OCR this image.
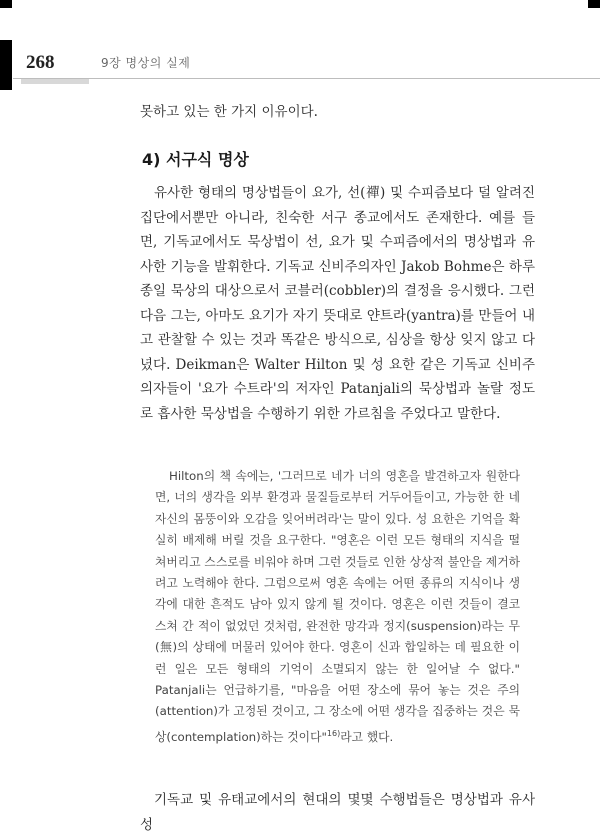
268	9장 명상의 실제
못하고 있는 한 가지 이유이다.
4) 서구식 명상
유사한 형태의 명상법들이 요가, 선(禪) 및 수피즘보다 덜 알려진 집단에서뿐만 아니라, 친숙한 서구 종교에서도 존재한다. 예를 들면, 기독교에서도 묵상법이 선, 요가 및 수피즘에서의 명상법과 유사한 기능을 발휘한다. 기독교 신비주의자인 Jakob Bohme은 하루종일 묵상의 대상으로서 코블러(cobbler)의 결정을 응시했다. 그런 다음 그는, 아마도 요기가 자기 뜻대로 얀트라(yantra)를 만들어 내고 관찰할 수 있는 것과 똑같은 방식으로, 심상을 항상 잊지 않고 다녔다. Deikman은 Walter Hilton 및 성 요한 같은 기독교 신비주의자들이 '요가 수트라'의 저자인 Patanjali의 묵상법과 놀랄 정도로 흡사한 묵상법을 수행하기 위한 가르침을 주었다고 말한다.
Hilton의 책 속에는, '그러므로 네가 너의 영혼을 발견하고자 원한다면, 너의 생각을 외부 환경과 물질들로부터 거두어들이고, 가능한 한 네 자신의 몸뚱이와 오감을 잊어버려라'는 말이 있다. 성 요한은 기억을 확실히 배제해 버릴 것을 요구한다. "영혼은 이런 모든 형태의 지식을 떨쳐버리고 스스로를 비워야 하며 그런 것들로 인한 상상적 불안을 제거하려고 노력해야 한다. 그럼으로써 영혼 속에는 어떤 종류의 지식이나 생각에 대한 흔적도 남아 있지 않게 될 것이다. 영혼은 이런 것들이 결코 스쳐 간 적이 없었던 것처럼, 완전한 망각과 정지(suspension)라는 무(無)의 상태에 머물러 있어야 한다. 영혼이 신과 합일하는 데 필요한 이런 일은 모든 형태의 기억이 소멸되지 않는 한 일어날 수 없다." Patanjali는 언급하기를, "마음을 어떤 장소에 묶어 놓는 것은 주의(attention)가 고정된 것이고, 그 장소에 어떤 생각을 집중하는 것은 묵상(contemplation)하는 것이다"$^{16)}$라고 했다.
기독교 및 유태교에서의 현대의 몇몇 수행법들은 명상법과 유사성
